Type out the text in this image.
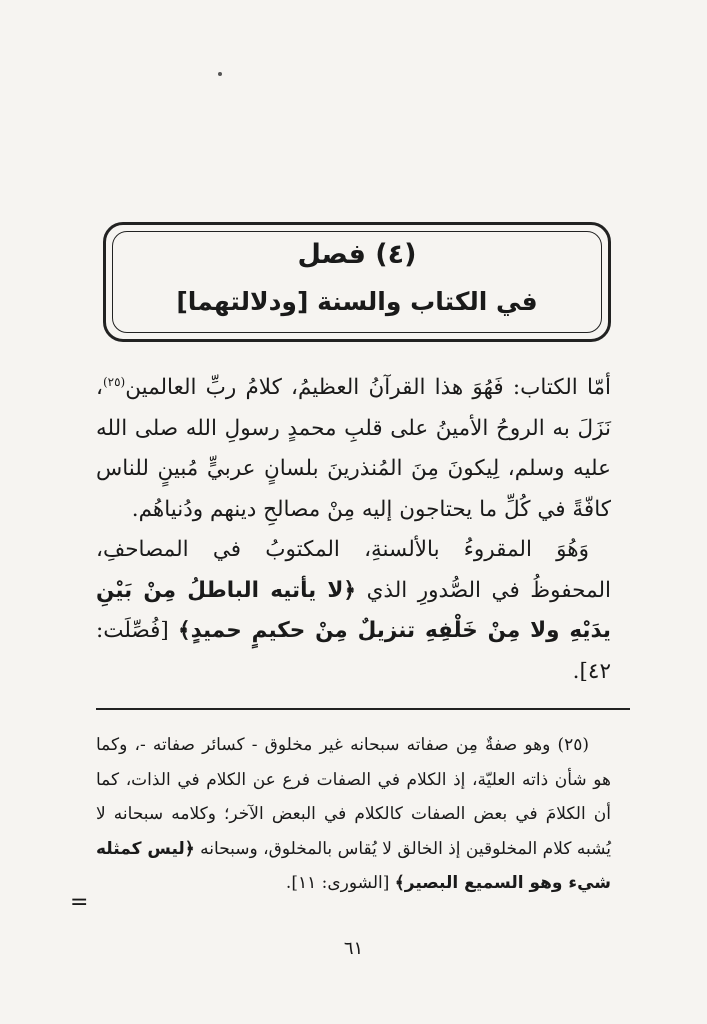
(٤) فصل
في الكتاب والسنة [ودلالتهما]

أمّا الكتاب: فَهُوَ هذا القرآنُ العظيمُ، كلامُ ربِّ العالمين$^{(٢٥)}$، نَزَلَ به الروحُ الأمينُ على قلبِ محمدٍ رسولِ الله صلى الله عليه وسلم، لِيكونَ مِنَ المُنذرينَ بلسانٍ عربيٍّ مُبينٍ للناس كافّةً في كُلِّ ما يحتاجون إليه مِنْ مصالحِ دينهم ودُنياهُم.

وَهُوَ المقروءُ بالألسنةِ، المكتوبُ في المصاحفِ، المحفوظُ في الصُّدورِ الذي ﴿لا يأتيه الباطلُ مِنْ بَيْنِ يدَيْهِ ولا مِنْ خَلْفِهِ تنزيلٌ مِنْ حكيمٍ حميدٍ﴾ [فُصِّلَت: ٤٢].

(٢٥) وهو صفةٌ مِن صفاته سبحانه غير مخلوق - كسائر صفاته -، وكما هو شأن ذاته العليّة، إذ الكلام في الصفات فرع عن الكلام في الذات، كما أن الكلامَ في بعض الصفات كالكلام في البعض الآخر؛ وكلامه سبحانه لا يُشبه كلام المخلوقين إذ الخالق لا يُقاس بالمخلوق، وسبحانه ﴿ليس كمثله شيء وهو السميع البصير﴾ [الشورى: ١١].

=
٦١
